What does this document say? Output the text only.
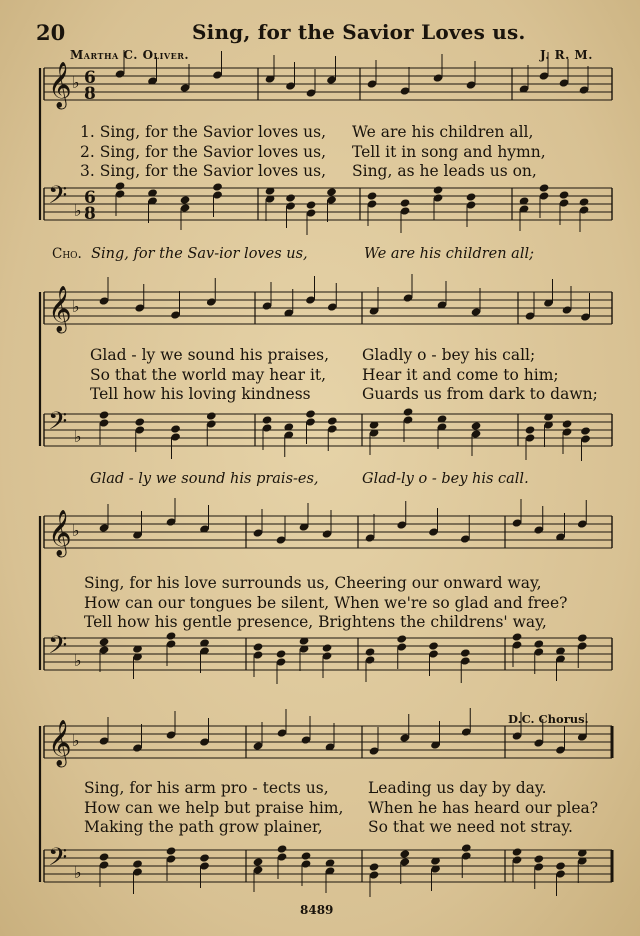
20	Sing, for the Savior Loves us.
Martha C. Oliver.	J. R. M.
𝄞 ♭ 6
8
𝄢 ♭
6
8
𝄞 ♭
𝄢 ♭
𝄞 ♭
𝄢 ♭
𝄞 ♭
𝄢 ♭
1. Sing, for the Savior loves us, We are his children all,
2. Sing, for the Savior loves us, Tell it in song and hymn,
3. Sing, for the Savior loves us, Sing, as he leads us on,
Cho. Sing, for the Sav-ior loves us,	We are his children all;
Glad - ly we sound his praises, Gladly o - bey his call;
So that the world may hear it, Hear it and come to him;
Tell how his loving kindness	Guards us from dark to dawn;
Glad - ly we sound his prais-es,	Glad-ly o - bey his call.
Sing, for his love surrounds us, Cheering our onward way,
How can our tongues be silent, When we're so glad and free?
Tell how his gentle presence, Brightens the childrens' way,
D.C. Chorus.
Sing, for his arm pro - tects us,	Leading us day by day.
How can we help but praise him, When he has heard our plea?
Making the path grow plainer,	So that we need not stray.
8489
